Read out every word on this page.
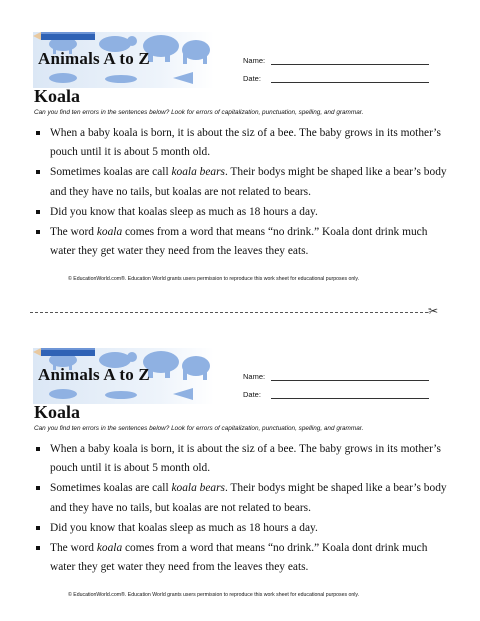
Animals A to Z	Name:
Date:
Koala
Can you find ten errors in the sentences below? Look for errors of capitalization, punctuation, spelling, and grammar.
When a baby koala is born, it is about the siz of a bee. The baby grows in its mother’s pouch until it is about 5 month old.
Sometimes koalas are call koala bears. Their bodys might be shaped like a bear’s body and they have no tails, but koalas are not related to bears.
Did you know that koalas sleep as much as 18 hours a day.
The word koala comes from a word that means “no drink.” Koala dont drink much water they get water they need from the leaves they eats.
© EducationWorld.com®. Education World grants users permission to reproduce this work sheet for educational purposes only.
✂
Animals A to Z	Name:
Date:
Koala
Can you find ten errors in the sentences below? Look for errors of capitalization, punctuation, spelling, and grammar.
When a baby koala is born, it is about the siz of a bee. The baby grows in its mother’s pouch until it is about 5 month old.
Sometimes koalas are call koala bears. Their bodys might be shaped like a bear’s body and they have no tails, but koalas are not related to bears.
Did you know that koalas sleep as much as 18 hours a day.
The word koala comes from a word that means “no drink.” Koala dont drink much water they get water they need from the leaves they eats.
© EducationWorld.com®. Education World grants users permission to reproduce this work sheet for educational purposes only.
